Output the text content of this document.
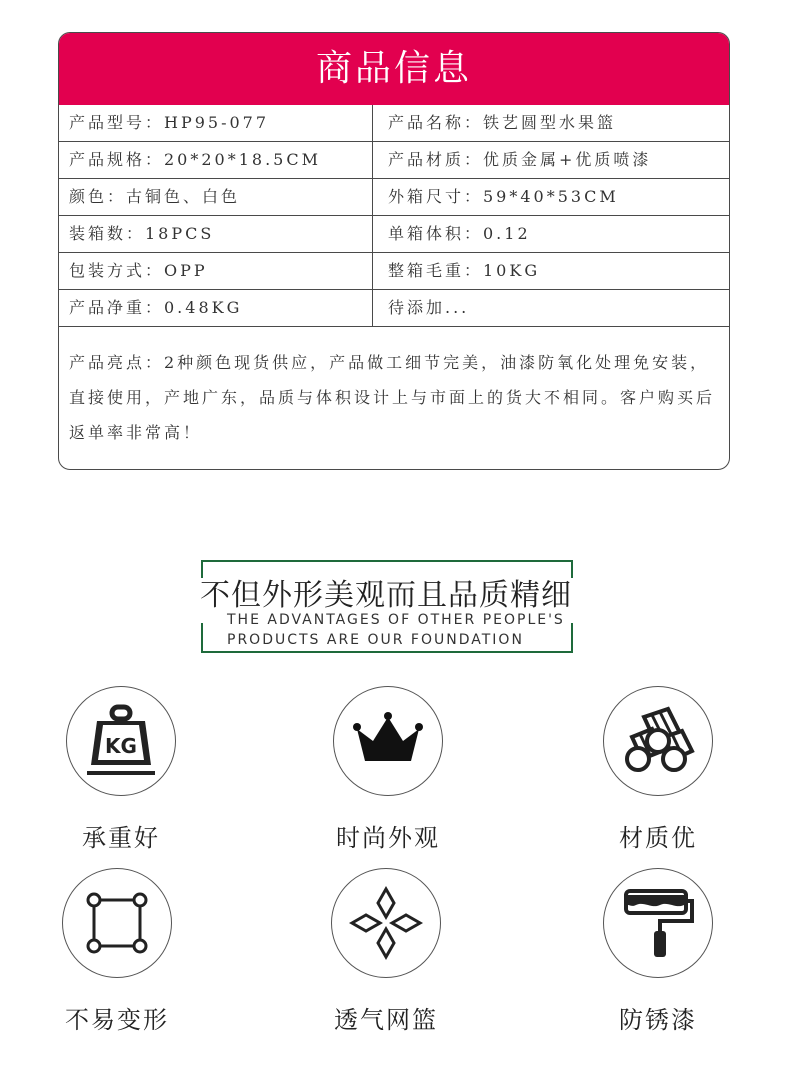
商品信息
产品型号：HP95-077	产品名称：铁艺圆型水果篮
产品规格：20*20*18.5CM	产品材质：优质金属+优质喷漆
颜色：古铜色、白色	外箱尺寸：59*40*53CM
装箱数：18PCS	单箱体积：0.12
包装方式：OPP	整箱毛重：10KG
产品净重：0.48KG	待添加...
产品亮点：2种颜色现货供应，产品做工细节完美，油漆防氧化处理免安装，直接使用，产地广东，品质与体积设计上与市面上的货大不相同。客户购买后返单率非常高！
不但外形美观而且品质精细
THE ADVANTAGES OF OTHER PEOPLE'S
PRODUCTS ARE OUR FOUNDATION
KG
承重好	时尚外观	材质优
不易变形	透气网篮	防锈漆
